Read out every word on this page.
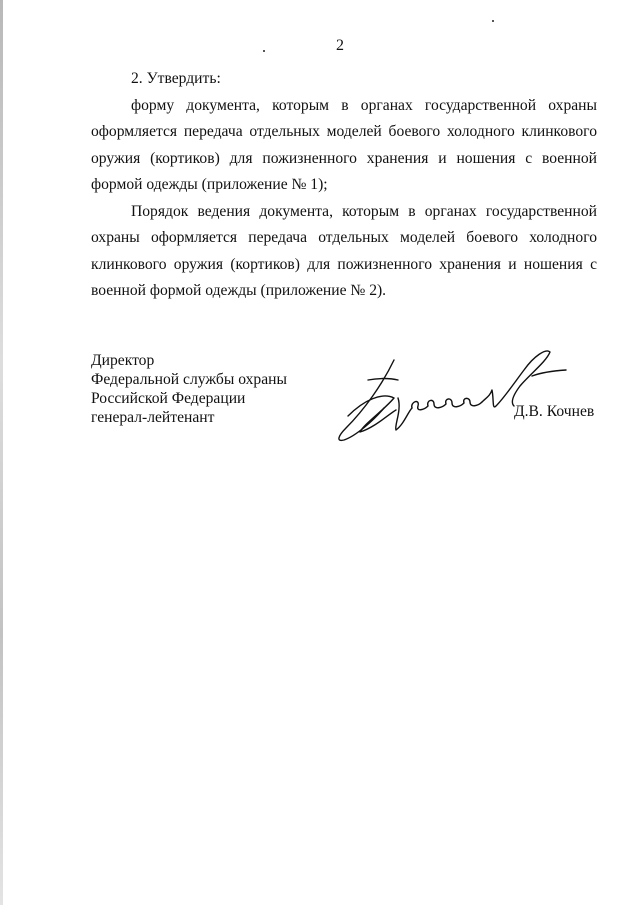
2

2. Утвердить:

форму документа, которым в органах государственной охраны оформляется передача отдельных моделей боевого холодного клинкового оружия (кортиков) для пожизненного хранения и ношения с военной формой одежды (приложение № 1);

Порядок ведения документа, которым в органах государственной охраны оформляется передача отдельных моделей боевого холодного клинкового оружия (кортиков) для пожизненного хранения и ношения с военной формой одежды (приложение № 2).

Директор
Федеральной службы охраны
Российской Федерации
генерал-лейтенант	Д.В. Кочнев
